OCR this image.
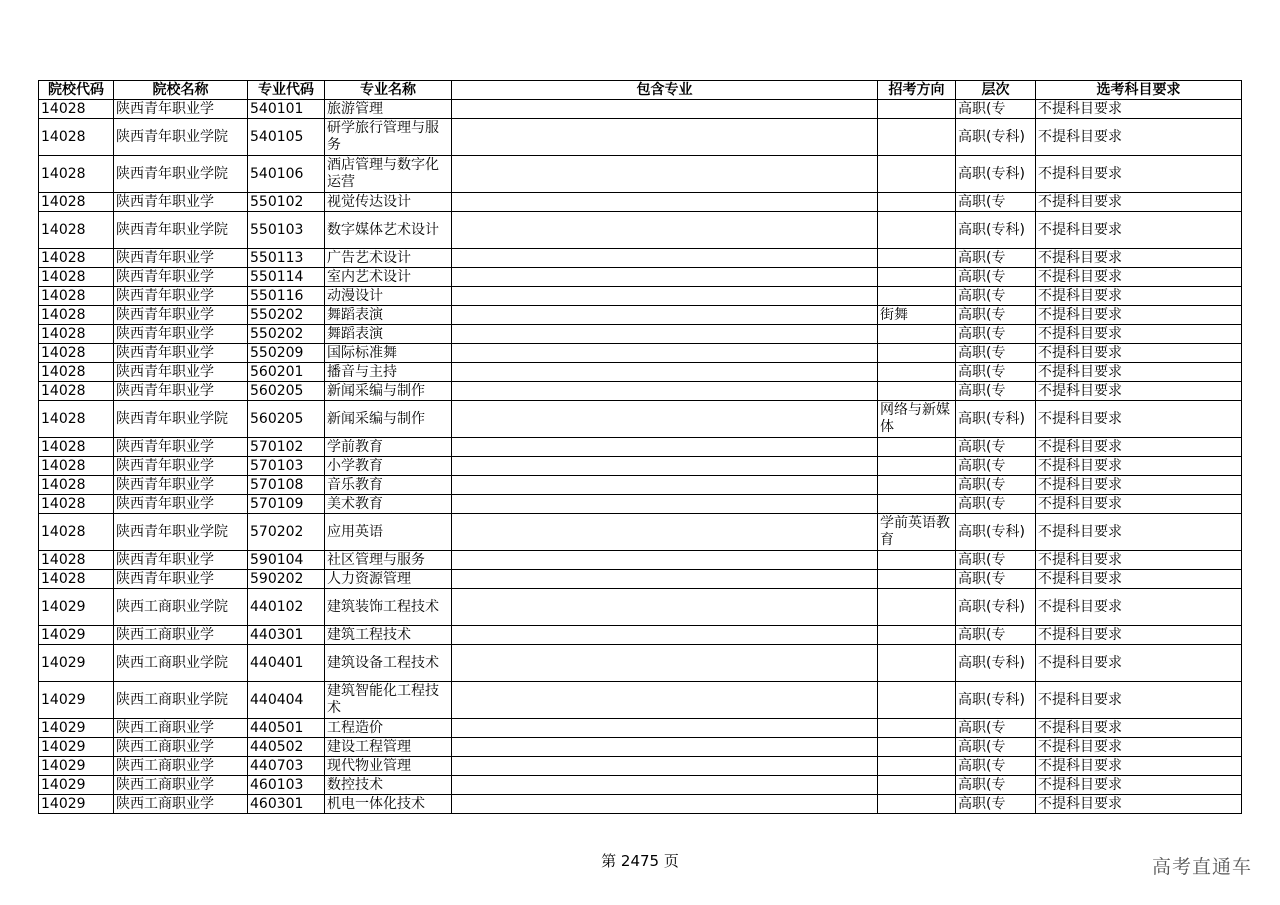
院校代码	院校名称	专业代码	专业名称	包含专业	招考方向	层次	选考科目要求
14028	陕西青年职业学	540101	旅游管理			高职(专	不提科目要求
14028	陕西青年职业学院	540105	研学旅行管理与服务			高职(专科)	不提科目要求
14028	陕西青年职业学院	540106	酒店管理与数字化运营			高职(专科)	不提科目要求
14028	陕西青年职业学	550102	视觉传达设计			高职(专	不提科目要求
14028	陕西青年职业学院	550103	数字媒体艺术设计			高职(专科)	不提科目要求
14028	陕西青年职业学	550113	广告艺术设计			高职(专	不提科目要求
14028	陕西青年职业学	550114	室内艺术设计			高职(专	不提科目要求
14028	陕西青年职业学	550116	动漫设计			高职(专	不提科目要求
14028	陕西青年职业学	550202	舞蹈表演		街舞	高职(专	不提科目要求
14028	陕西青年职业学	550202	舞蹈表演			高职(专	不提科目要求
14028	陕西青年职业学	550209	国际标准舞			高职(专	不提科目要求
14028	陕西青年职业学	560201	播音与主持			高职(专	不提科目要求
14028	陕西青年职业学	560205	新闻采编与制作			高职(专	不提科目要求
14028	陕西青年职业学院	560205	新闻采编与制作		网络与新媒体	高职(专科)	不提科目要求
14028	陕西青年职业学	570102	学前教育			高职(专	不提科目要求
14028	陕西青年职业学	570103	小学教育			高职(专	不提科目要求
14028	陕西青年职业学	570108	音乐教育			高职(专	不提科目要求
14028	陕西青年职业学	570109	美术教育			高职(专	不提科目要求
14028	陕西青年职业学院	570202	应用英语		学前英语教育	高职(专科)	不提科目要求
14028	陕西青年职业学	590104	社区管理与服务			高职(专	不提科目要求
14028	陕西青年职业学	590202	人力资源管理			高职(专	不提科目要求
14029	陕西工商职业学院	440102	建筑装饰工程技术			高职(专科)	不提科目要求
14029	陕西工商职业学	440301	建筑工程技术			高职(专	不提科目要求
14029	陕西工商职业学院	440401	建筑设备工程技术			高职(专科)	不提科目要求
14029	陕西工商职业学院	440404	建筑智能化工程技术			高职(专科)	不提科目要求
14029	陕西工商职业学	440501	工程造价			高职(专	不提科目要求
14029	陕西工商职业学	440502	建设工程管理			高职(专	不提科目要求
14029	陕西工商职业学	440703	现代物业管理			高职(专	不提科目要求
14029	陕西工商职业学	460103	数控技术			高职(专	不提科目要求
14029	陕西工商职业学	460301	机电一体化技术			高职(专	不提科目要求
第 2475 页	高考直通车
